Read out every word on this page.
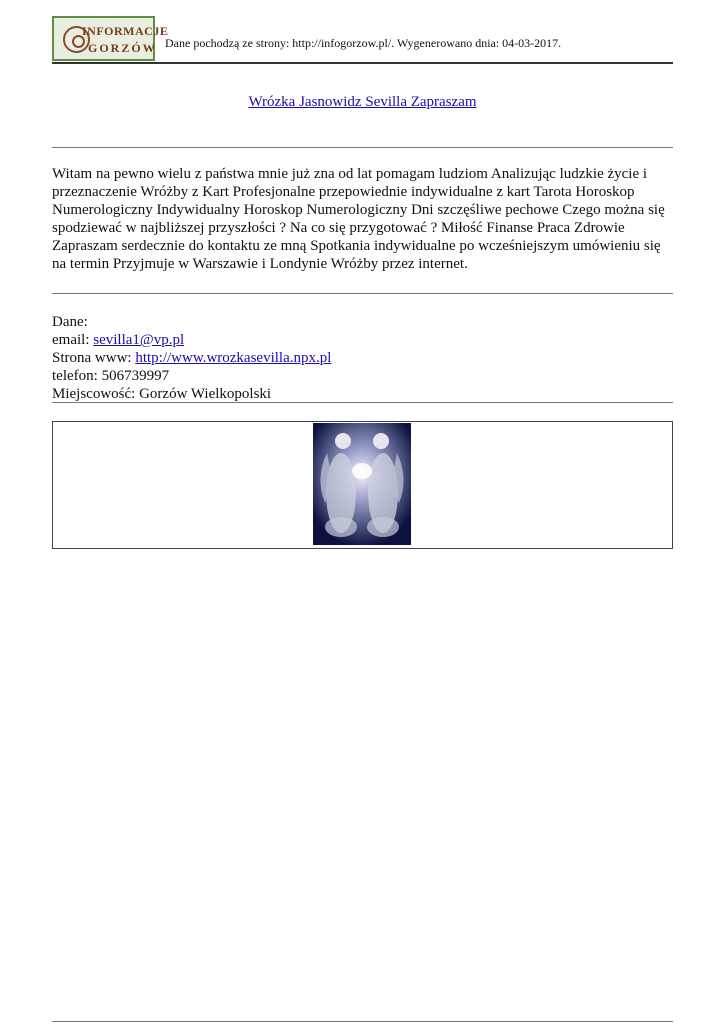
INFORMACJE
GORZÓW Dane pochodzą ze strony: http://infogorzow.pl/. Wygenerowano dnia: 04-03-2017.
Wrózka Jasnowidz Sevilla Zapraszam
Witam na pewno wielu z państwa mnie już zna od lat pomagam ludziom Analizując ludzkie życie i przeznaczenie Wróżby z Kart Profesjonalne przepowiednie indywidualne z kart Tarota Horoskop Numerologiczny Indywidualny Horoskop Numerologiczny Dni szczęśliwe pechowe Czego można się spodziewać w najbliższej przyszłości ? Na co się przygotować ? Miłość Finanse Praca Zdrowie Zapraszam serdecznie do kontaktu ze mną Spotkania indywidualne po wcześniejszym umówieniu się na termin Przyjmuje w Warszawie i Londynie Wróżby przez internet.
Dane:
email: sevilla1@vp.pl
Strona www: http://www.wrozkasevilla.npx.pl
telefon: 506739997
Miejscowość: Gorzów Wielkopolski
